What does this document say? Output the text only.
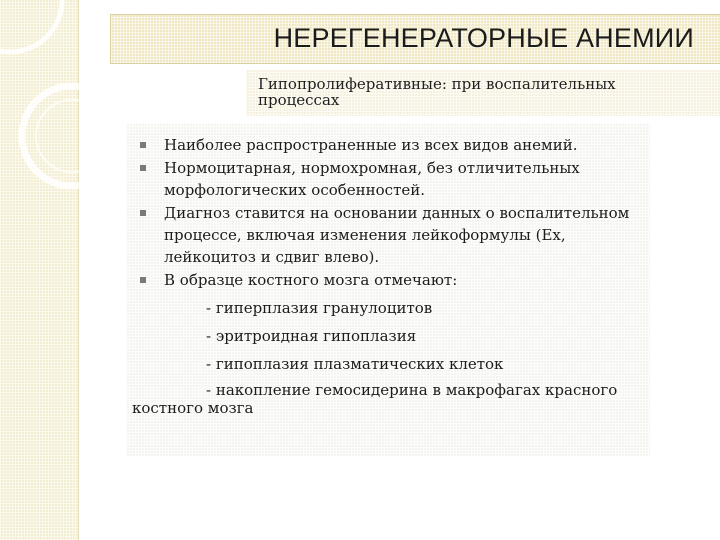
НЕРЕГЕНЕРАТОРНЫЕ АНЕМИИ
Гипопролиферативные: при воспалительных процессах
Наиболее распространенные из всех видов анемий.
Нормоцитарная, нормохромная, без отличительных морфологических особенностей.
Диагноз ставится на основании данных о воспалительном процессе, включая изменения лейкоформулы (Ех, лейкоцитоз и сдвиг влево).
В образце костного мозга отмечают:
- гиперплазия гранулоцитов
- эритроидная гипоплазия
- гипоплазия плазматических клеток
- накопление гемосидерина в макрофагах красного
костного мозга
